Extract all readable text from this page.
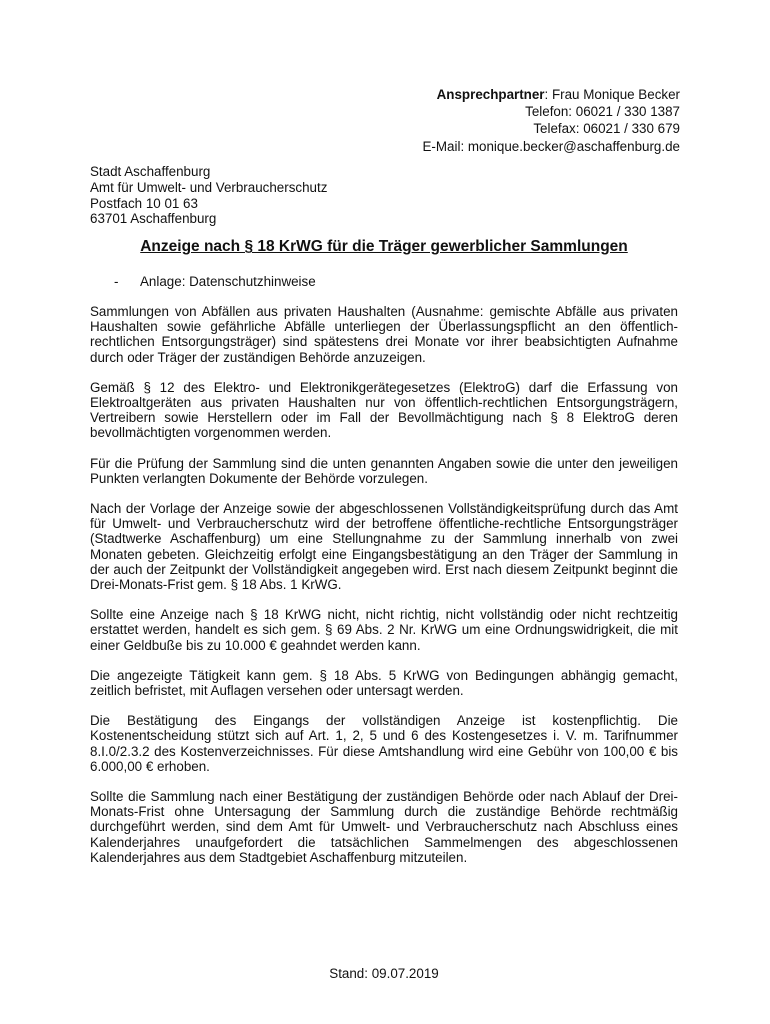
Ansprechpartner: Frau Monique Becker
Telefon: 06021 / 330 1387
Telefax: 06021 / 330 679
E-Mail: monique.becker@aschaffenburg.de
Stadt Aschaffenburg
Amt für Umwelt- und Verbraucherschutz
Postfach 10 01 63
63701 Aschaffenburg
Anzeige nach § 18 KrWG für die Träger gewerblicher Sammlungen
- Anlage: Datenschutzhinweise

Sammlungen von Abfällen aus privaten Haushalten (Ausnahme: gemischte Abfälle aus privaten Haushalten sowie gefährliche Abfälle unterliegen der Überlassungspflicht an den öffentlich-rechtlichen Entsorgungsträger) sind spätestens drei Monate vor ihrer beabsichtigten Aufnahme durch oder Träger der zuständigen Behörde anzuzeigen.

Gemäß § 12 des Elektro- und Elektronikgerätegesetzes (ElektroG) darf die Erfassung von Elektroaltgeräten aus privaten Haushalten nur von öffentlich-rechtlichen Entsorgungsträgern, Vertreibern sowie Herstellern oder im Fall der Bevollmächtigung nach § 8 ElektroG deren bevollmächtigten vorgenommen werden.

Für die Prüfung der Sammlung sind die unten genannten Angaben sowie die unter den jeweiligen Punkten verlangten Dokumente der Behörde vorzulegen.

Nach der Vorlage der Anzeige sowie der abgeschlossenen Vollständigkeitsprüfung durch das Amt für Umwelt- und Verbraucherschutz wird der betroffene öffentliche-rechtliche Entsorgungsträger (Stadtwerke Aschaffenburg) um eine Stellungnahme zu der Sammlung innerhalb von zwei Monaten gebeten. Gleichzeitig erfolgt eine Eingangsbestätigung an den Träger der Sammlung in der auch der Zeitpunkt der Vollständigkeit angegeben wird. Erst nach diesem Zeitpunkt beginnt die Drei-Monats-Frist gem. § 18 Abs. 1 KrWG.

Sollte eine Anzeige nach § 18 KrWG nicht, nicht richtig, nicht vollständig oder nicht rechtzeitig erstattet werden, handelt es sich gem. § 69 Abs. 2 Nr. KrWG um eine Ordnungswidrigkeit, die mit einer Geldbuße bis zu 10.000 € geahndet werden kann.

Die angezeigte Tätigkeit kann gem. § 18 Abs. 5 KrWG von Bedingungen abhängig gemacht, zeitlich befristet, mit Auflagen versehen oder untersagt werden.

Die Bestätigung des Eingangs der vollständigen Anzeige ist kostenpflichtig. Die Kostenentscheidung stützt sich auf Art. 1, 2, 5 und 6 des Kostengesetzes i. V. m. Tarifnummer 8.I.0/2.3.2 des Kostenverzeichnisses. Für diese Amtshandlung wird eine Gebühr von 100,00 € bis 6.000,00 € erhoben.

Sollte die Sammlung nach einer Bestätigung der zuständigen Behörde oder nach Ablauf der Drei-Monats-Frist ohne Untersagung der Sammlung durch die zuständige Behörde rechtmäßig durchgeführt werden, sind dem Amt für Umwelt- und Verbraucherschutz nach Abschluss eines Kalenderjahres unaufgefordert die tatsächlichen Sammelmengen des abgeschlossenen Kalenderjahres aus dem Stadtgebiet Aschaffenburg mitzuteilen.

Stand: 09.07.2019
